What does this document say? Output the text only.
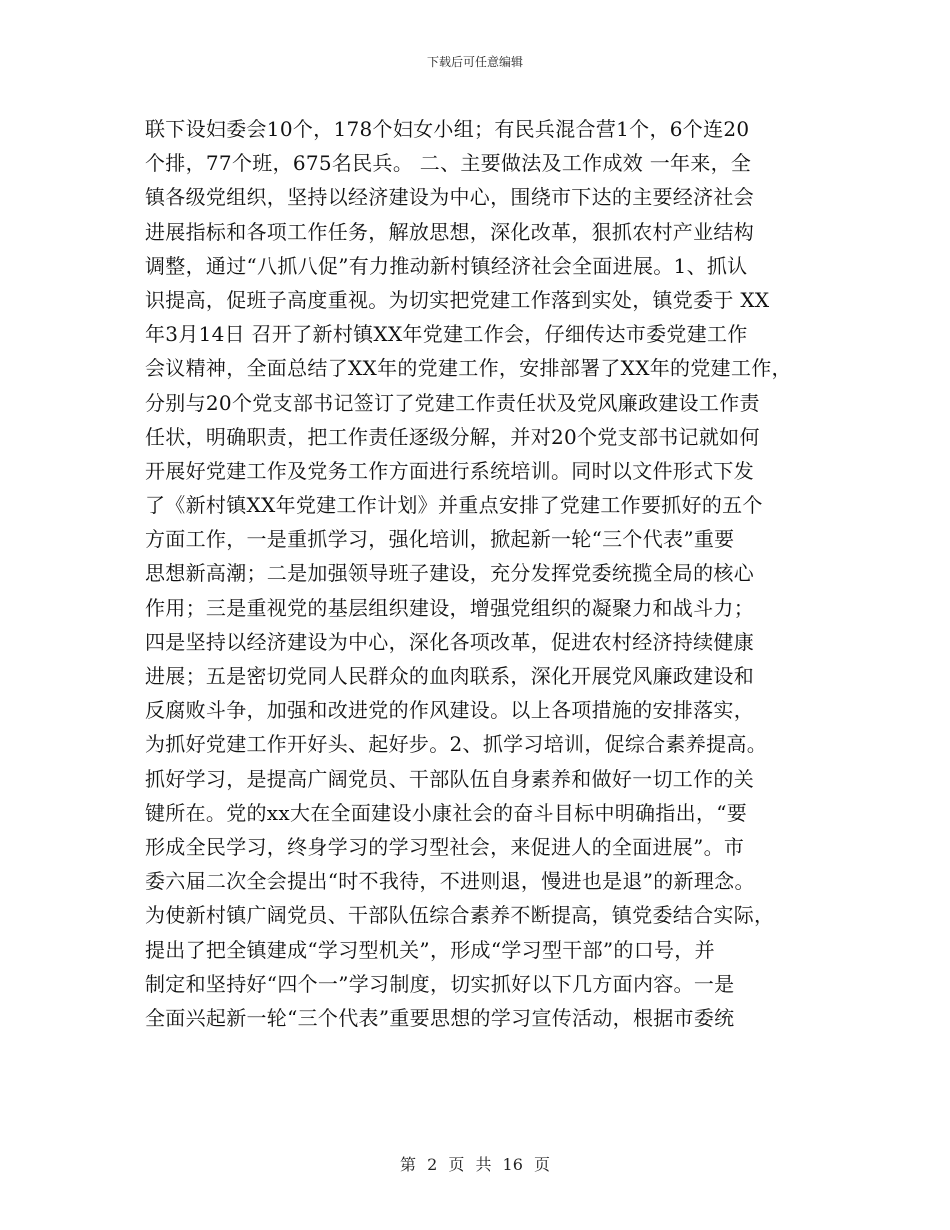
下载后可任意编辑
联下设妇委会10个，178个妇女小组；有民兵混合营1个，6个连20
个排，77个班，675名民兵。 二、主要做法及工作成效 一年来，全
镇各级党组织，坚持以经济建设为中心，围绕市下达的主要经济社会
进展指标和各项工作任务，解放思想，深化改革，狠抓农村产业结构
调整，通过“八抓八促”有力推动新村镇经济社会全面进展。1、抓认
识提高，促班子高度重视。为切实把党建工作落到实处，镇党委于 XX
年3月14日 召开了新村镇XX年党建工作会，仔细传达市委党建工作
会议精神，全面总结了XX年的党建工作，安排部署了XX年的党建工作，
分别与20个党支部书记签订了党建工作责任状及党风廉政建设工作责
任状，明确职责，把工作责任逐级分解，并对20个党支部书记就如何
开展好党建工作及党务工作方面进行系统培训。同时以文件形式下发
了《新村镇XX年党建工作计划》并重点安排了党建工作要抓好的五个
方面工作，一是重抓学习，强化培训，掀起新一轮“三个代表”重要
思想新高潮；二是加强领导班子建设，充分发挥党委统揽全局的核心
作用；三是重视党的基层组织建设，增强党组织的凝聚力和战斗力；
四是坚持以经济建设为中心，深化各项改革，促进农村经济持续健康
进展；五是密切党同人民群众的血肉联系，深化开展党风廉政建设和
反腐败斗争，加强和改进党的作风建设。以上各项措施的安排落实，
为抓好党建工作开好头、起好步。2、抓学习培训，促综合素养提高。
抓好学习，是提高广阔党员、干部队伍自身素养和做好一切工作的关
键所在。党的xx大在全面建设小康社会的奋斗目标中明确指出，“要
形成全民学习，终身学习的学习型社会，来促进人的全面进展”。市
委六届二次全会提出“时不我待，不进则退，慢进也是退”的新理念。
为使新村镇广阔党员、干部队伍综合素养不断提高，镇党委结合实际，
提出了把全镇建成“学习型机关”，形成“学习型干部”的口号，并
制定和坚持好“四个一”学习制度，切实抓好以下几方面内容。一是
全面兴起新一轮“三个代表”重要思想的学习宣传活动，根据市委统
第 2 页 共 16 页
